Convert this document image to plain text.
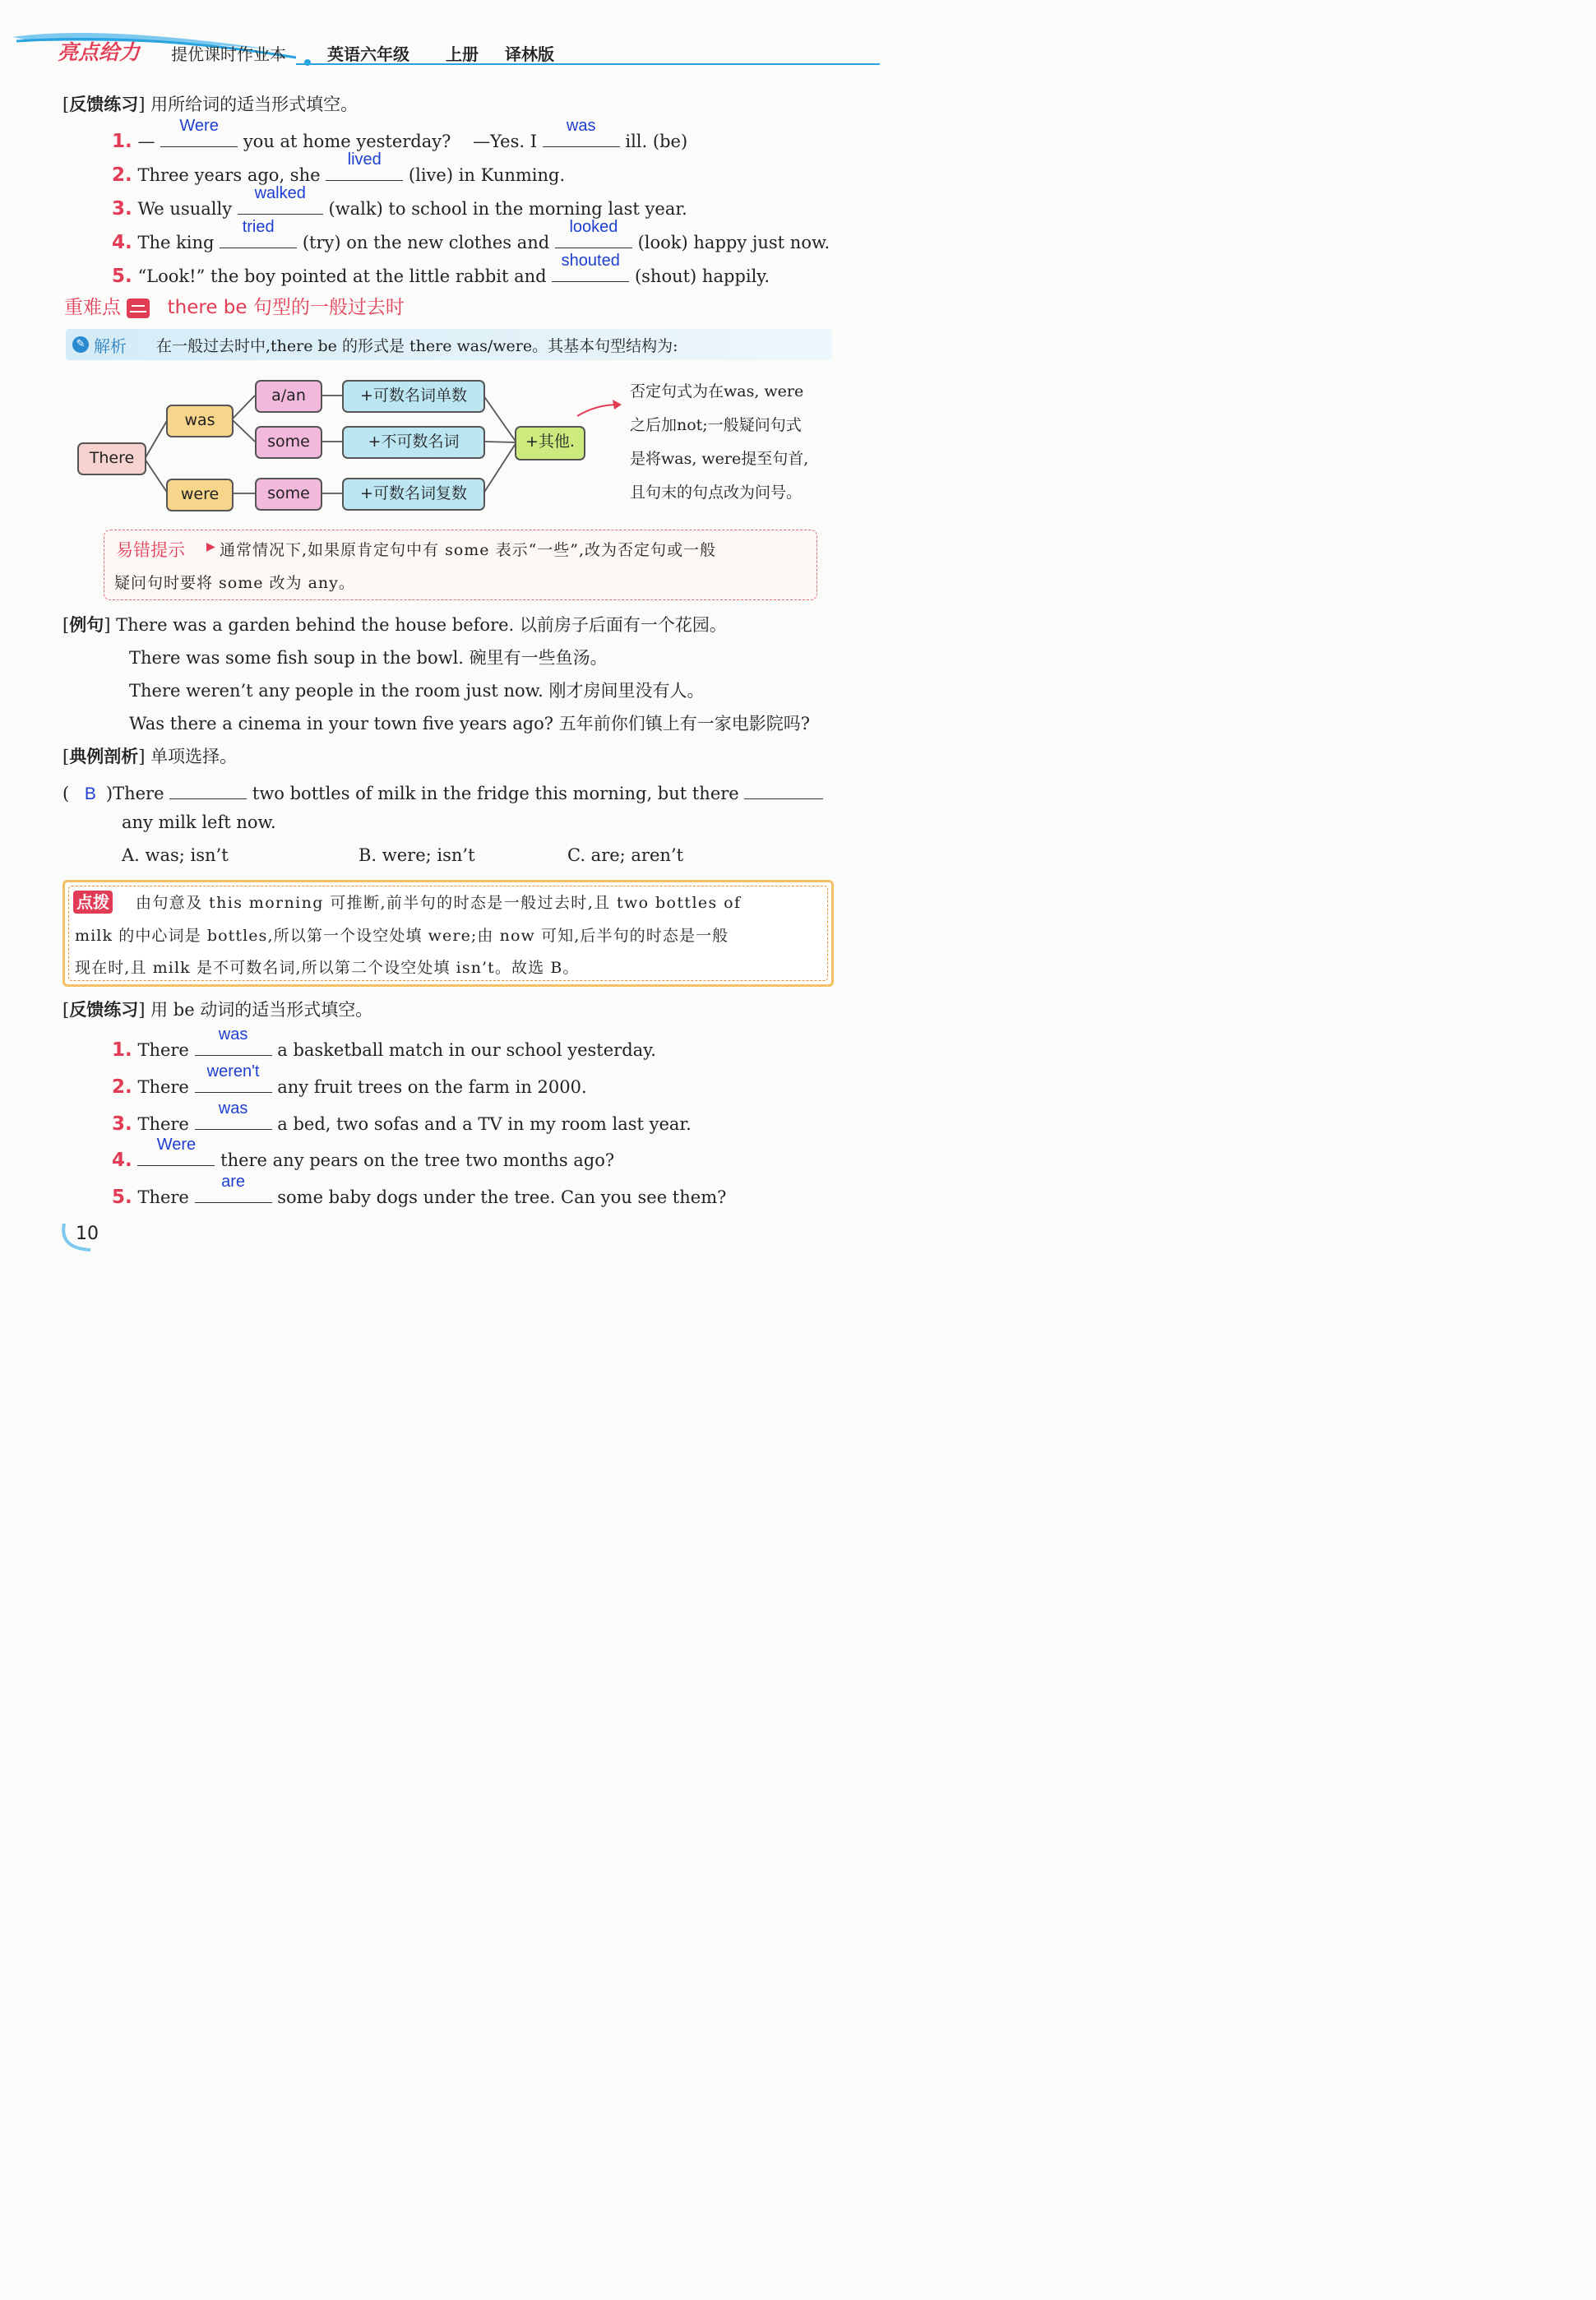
亮点给力 提优课时作业本	英语六年级 上册 译林版
[反馈练习] 用所给词的适当形式填空。
1. —
Were
you at home yesterday?    —Yes. I
was
ill. (be)
2. Three years ago, she
lived
(live) in Kunming.
3. We usually
walked
(walk) to school in the morning last year.
4. The king
tried
(try) on the new clothes and
looked
(look) happy just now.
5. “Look!” the boy pointed at the little rabbit and
shouted
(shout) happily.
重难点 there be 句型的一般过去时
✎ 解析 在一般过去时中,there be 的形式是 there was/were。其基本句型结构为:
There
was
were
a/an
some
some
+可数名词单数
+不可数名词
+可数名词复数
+其他.
否定句式为在was, were
之后加not;一般疑问句式
是将was, were提至句首,
且句末的句点改为问号。
易错提示 ▶ 通常情况下,如果原肯定句中有 some 表示“一些”,改为否定句或一般
疑问句时要将 some 改为 any。
[例句] There was a garden behind the house before. 以前房子后面有一个花园。
There was some fish soup in the bowl. 碗里有一些鱼汤。
There weren’t any people in the room just now. 刚才房间里没有人。
Was there a cinema in your town five years ago? 五年前你们镇上有一家电影院吗?
[典例剖析] 单项选择。
( B )There	two bottles of milk in the fridge this morning, but there
any milk left now.
A. was; isn’t	B. were; isn’t	C. are; aren’t
点拨 由句意及 this morning 可推断,前半句的时态是一般过去时,且 two bottles of
milk 的中心词是 bottles,所以第一个设空处填 were;由 now 可知,后半句的时态是一般
现在时,且 milk 是不可数名词,所以第二个设空处填 isn’t。故选 B。
[反馈练习] 用 be 动词的适当形式填空。
1. There
was
a basketball match in our school yesterday.
2. There
weren't
any fruit trees on the farm in 2000.
3. There
was
a bed, two sofas and a TV in my room last year.
4.
Were
there any pears on the tree two months ago?
5. There
are
some baby dogs under the tree. Can you see them?
10
